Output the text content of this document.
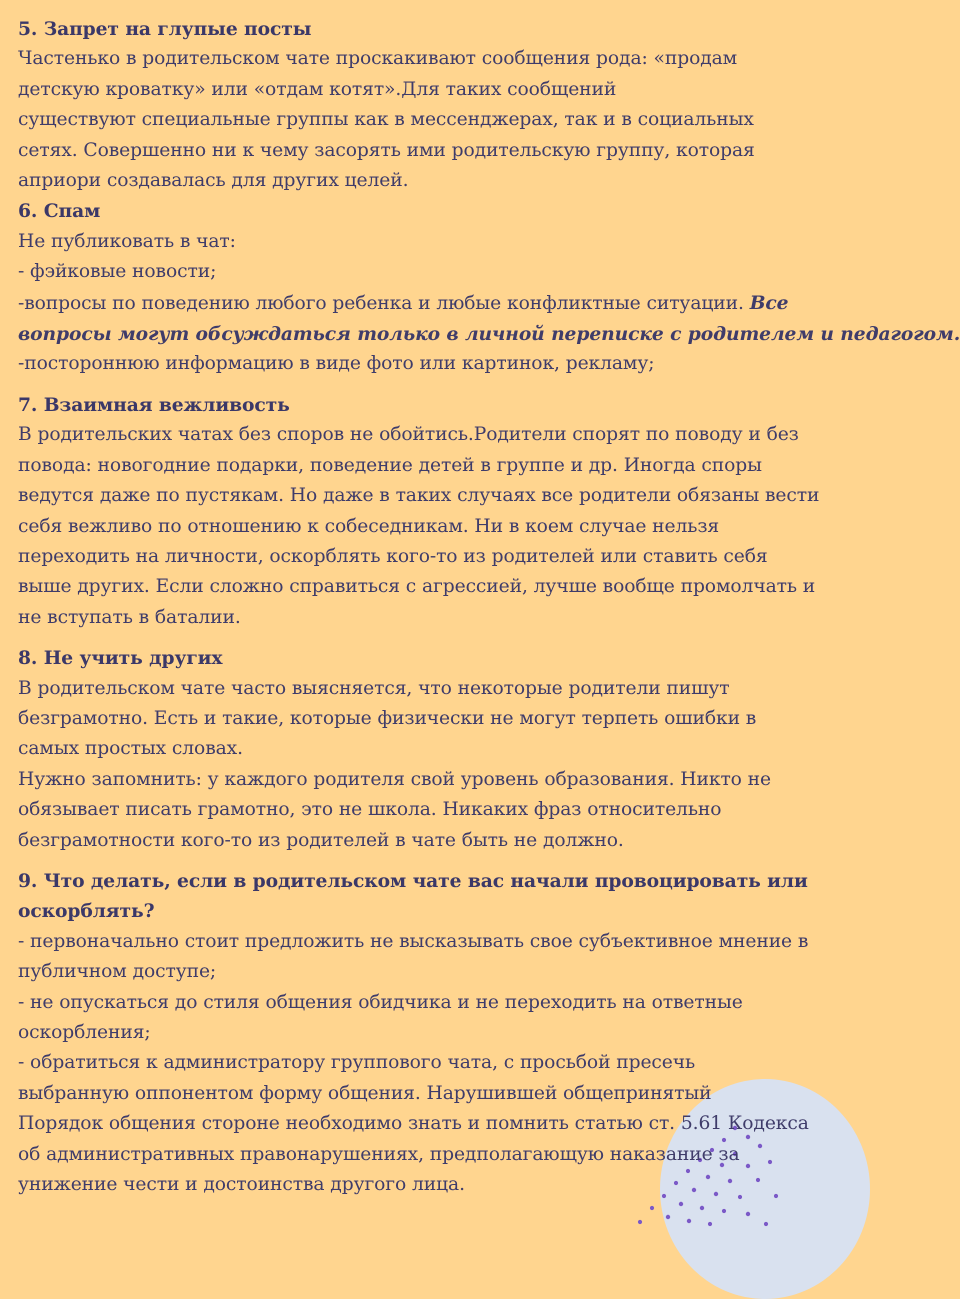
5. Запрет на глупые посты
Частенько в родительском чате проскакивают сообщения рода: «продам
детскую кроватку» или «отдам котят».Для таких сообщений
существуют специальные группы как в мессенджерах, так и в социальных
сетях. Совершенно ни к чему засорять ими родительскую группу, которая
априори создавалась для других целей.
6. Спам
Не публиковать в чат:
- фэйковые новости;
-вопросы по поведению любого ребенка и любые конфликтные ситуации. Все
вопросы могут обсуждаться только в личной переписке с родителем и педагогом.
-постороннюю информацию в виде фото или картинок, рекламу;
7. Взаимная вежливость
В родительских чатах без споров не обойтись.Родители спорят по поводу и без
повода: новогодние подарки, поведение детей в группе и др. Иногда споры
ведутся даже по пустякам. Но даже в таких случаях все родители обязаны вести
себя вежливо по отношению к собеседникам. Ни в коем случае нельзя
переходить на личности, оскорблять кого-то из родителей или ставить себя
выше других. Если сложно справиться с агрессией, лучше вообще промолчать и
не вступать в баталии.
8. Не учить других
В родительском чате часто выясняется, что некоторые родители пишут
безграмотно. Есть и такие, которые физически не могут терпеть ошибки в
самых простых словах.
Нужно запомнить: у каждого родителя свой уровень образования. Никто не
обязывает писать грамотно, это не школа. Никаких фраз относительно
безграмотности кого-то из родителей в чате быть не должно.
9. Что делать, если в родительском чате вас начали провоцировать или
оскорблять?
- первоначально стоит предложить не высказывать свое субъективное мнение в
публичном доступе;
- не опускаться до стиля общения обидчика и не переходить на ответные
оскорбления;
- обратиться к администратору группового чата, с просьбой пресечь
выбранную оппонентом форму общения. Нарушившей общепринятый
Порядок общения стороне необходимо знать и помнить статью ст. 5.61 Кодекса
об административных правонарушениях, предполагающую наказание за
унижение чести и достоинства другого лица.
